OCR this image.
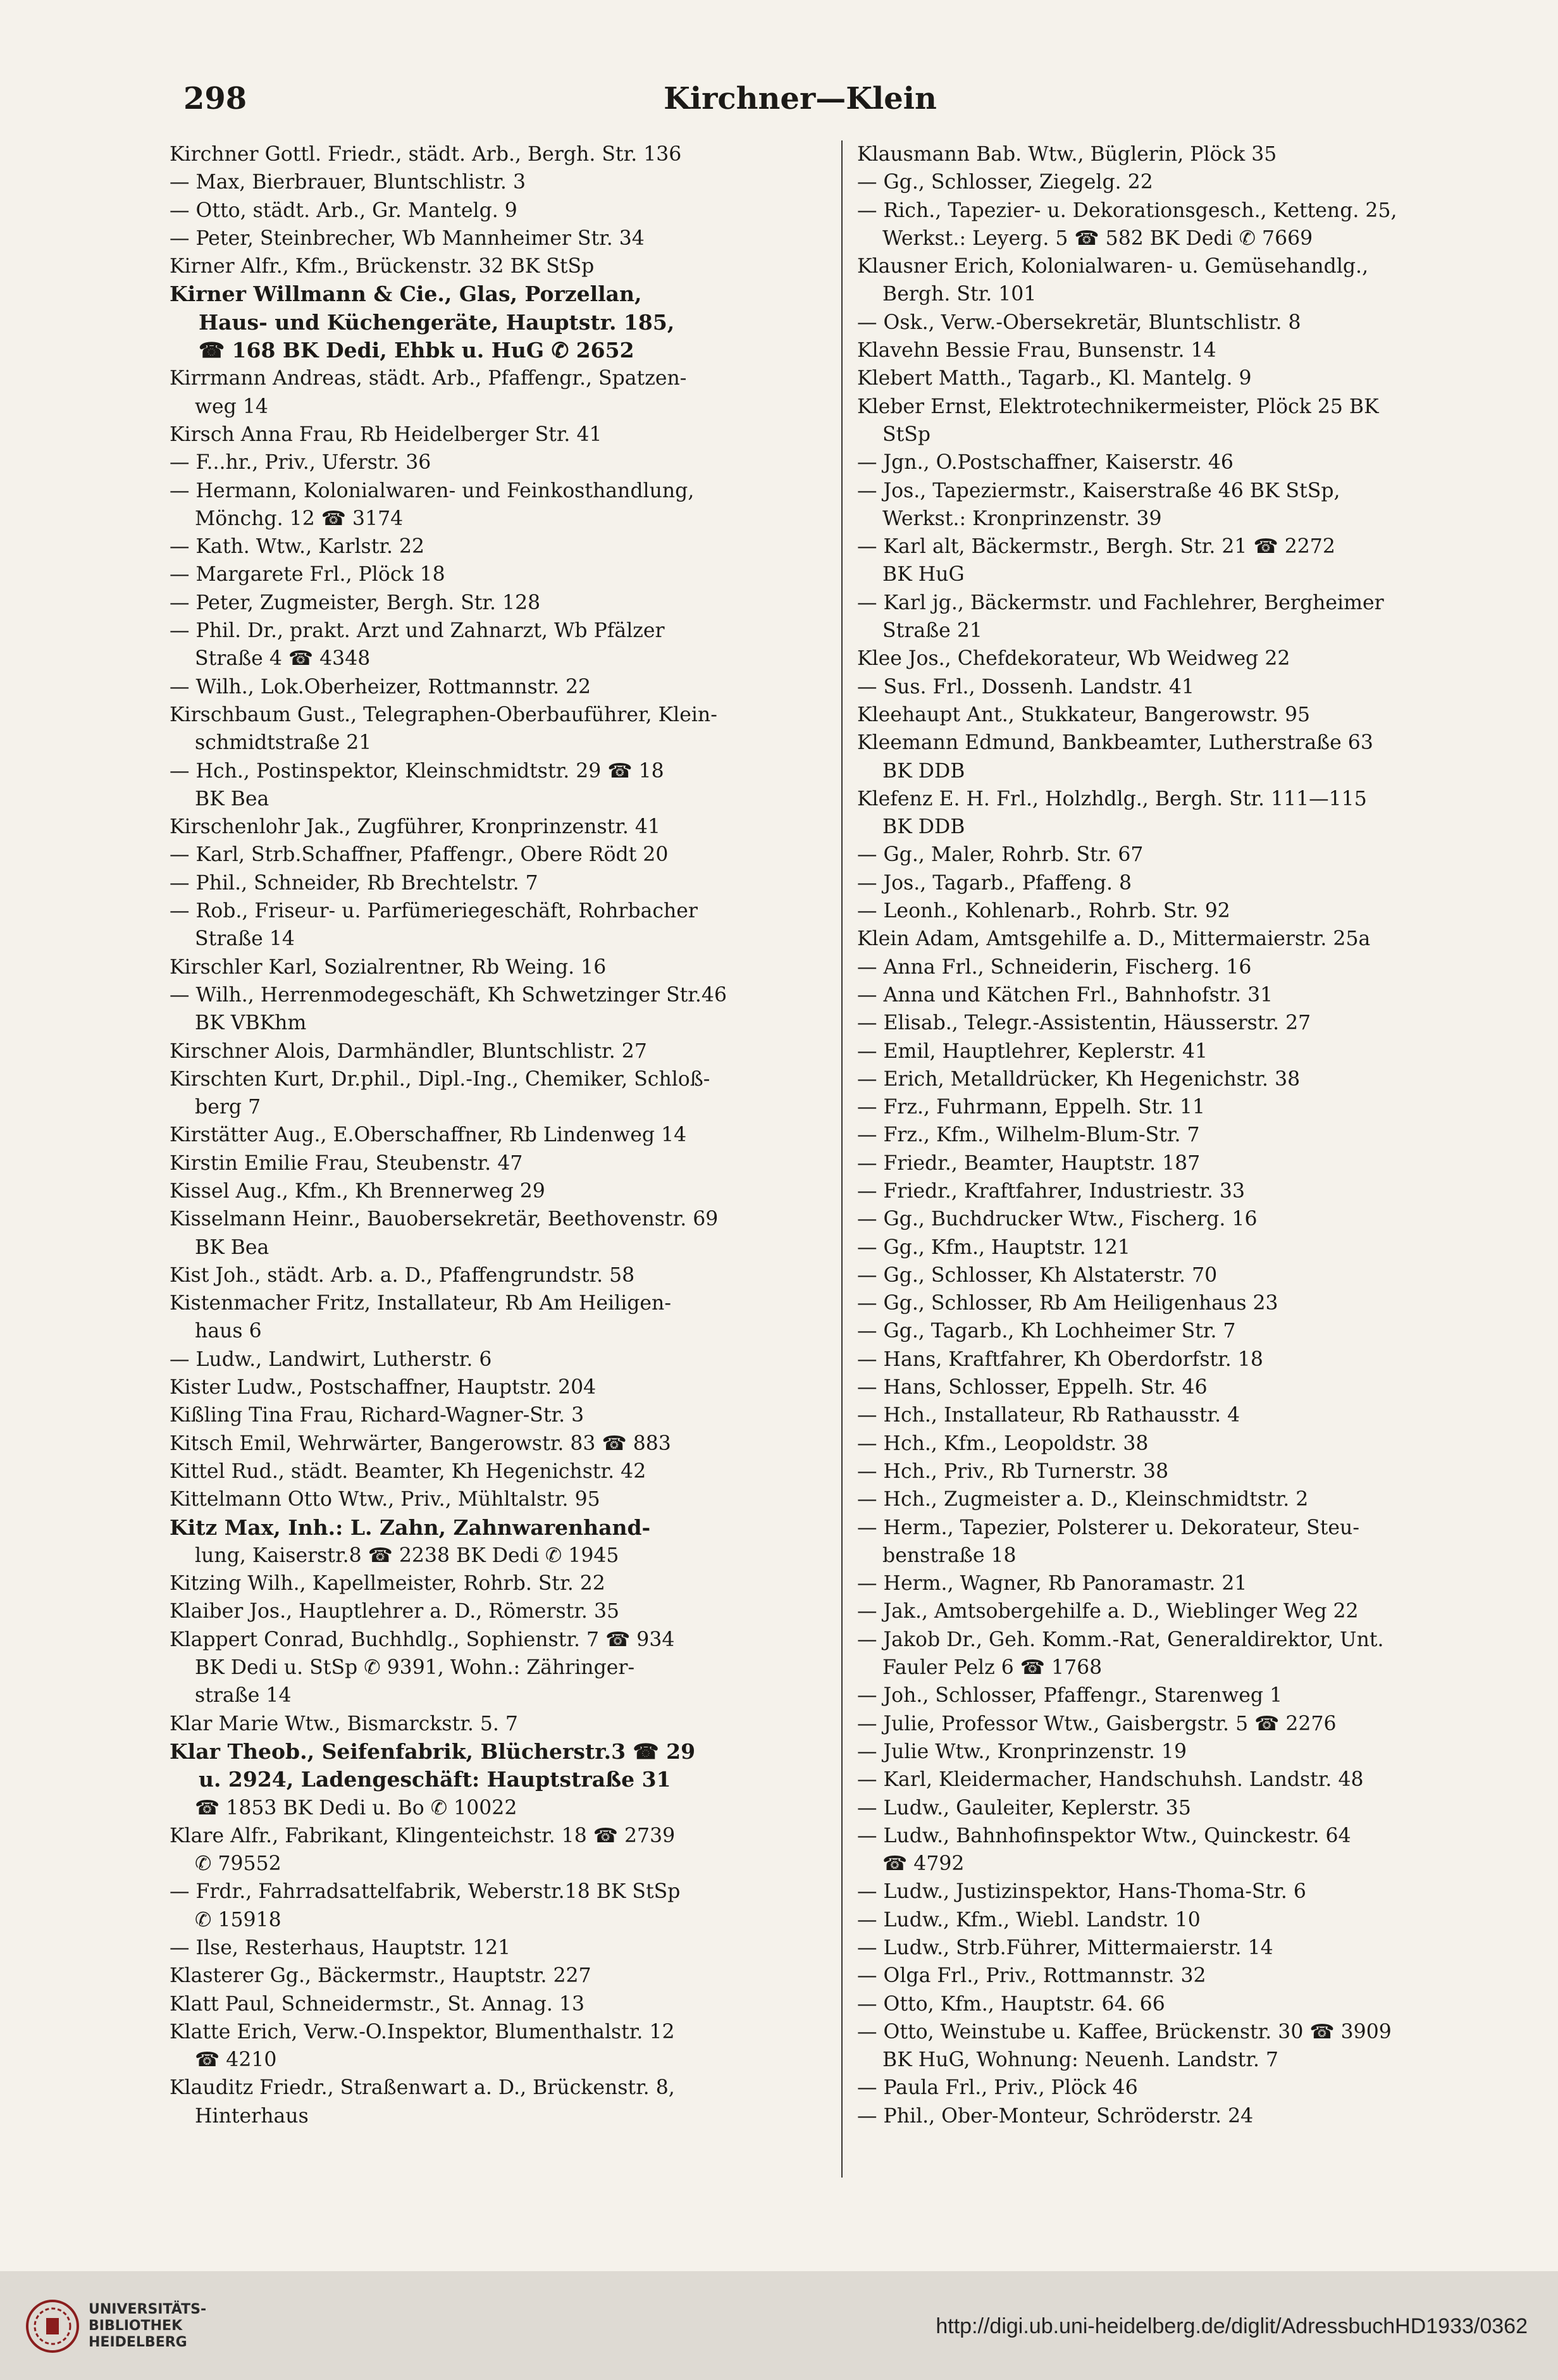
298	Kirchner—Klein
Kirchner Gottl. Friedr., städt. Arb., Bergh. Str. 136
— Max, Bierbrauer, Bluntschlistr. 3
— Otto, städt. Arb., Gr. Mantelg. 9
— Peter, Steinbrecher, Wb Mannheimer Str. 34
Kirner Alfr., Kfm., Brückenstr. 32 BK StSp
Kirner Willmann & Cie., Glas, Porzellan,
Haus- und Küchengeräte, Hauptstr. 185,
☎ 168 BK Dedi, Ehbk u. HuG ✆ 2652
Kirrmann Andreas, städt. Arb., Pfaffengr., Spatzen-
weg 14
Kirsch Anna Frau, Rb Heidelberger Str. 41
— F...hr., Priv., Uferstr. 36
— Hermann, Kolonialwaren- und Feinkosthandlung,
Mönchg. 12 ☎ 3174
— Kath. Wtw., Karlstr. 22
— Margarete Frl., Plöck 18
— Peter, Zugmeister, Bergh. Str. 128
— Phil. Dr., prakt. Arzt und Zahnarzt, Wb Pfälzer
Straße 4 ☎ 4348
— Wilh., Lok.Oberheizer, Rottmannstr. 22
Kirschbaum Gust., Telegraphen-Oberbauführer, Klein-
schmidtstraße 21
— Hch., Postinspektor, Kleinschmidtstr. 29 ☎ 18
BK Bea
Kirschenlohr Jak., Zugführer, Kronprinzenstr. 41
— Karl, Strb.Schaffner, Pfaffengr., Obere Rödt 20
— Phil., Schneider, Rb Brechtelstr. 7
— Rob., Friseur- u. Parfümeriegeschäft, Rohrbacher
Straße 14
Kirschler Karl, Sozialrentner, Rb Weing. 16
— Wilh., Herrenmodegeschäft, Kh Schwetzinger Str.46
BK VBKhm
Kirschner Alois, Darmhändler, Bluntschlistr. 27
Kirschten Kurt, Dr.phil., Dipl.-Ing., Chemiker, Schloß-
berg 7
Kirstätter Aug., E.Oberschaffner, Rb Lindenweg 14
Kirstin Emilie Frau, Steubenstr. 47
Kissel Aug., Kfm., Kh Brennerweg 29
Kisselmann Heinr., Bauobersekretär, Beethovenstr. 69
BK Bea
Kist Joh., städt. Arb. a. D., Pfaffengrundstr. 58
Kistenmacher Fritz, Installateur, Rb Am Heiligen-
haus 6
— Ludw., Landwirt, Lutherstr. 6
Kister Ludw., Postschaffner, Hauptstr. 204
Kißling Tina Frau, Richard-Wagner-Str. 3
Kitsch Emil, Wehrwärter, Bangerowstr. 83 ☎ 883
Kittel Rud., städt. Beamter, Kh Hegenichstr. 42
Kittelmann Otto Wtw., Priv., Mühltalstr. 95
Kitz Max, Inh.: L. Zahn, Zahnwarenhand-
lung, Kaiserstr.8 ☎ 2238 BK Dedi ✆ 1945
Kitzing Wilh., Kapellmeister, Rohrb. Str. 22
Klaiber Jos., Hauptlehrer a. D., Römerstr. 35
Klappert Conrad, Buchhdlg., Sophienstr. 7 ☎ 934
BK Dedi u. StSp ✆ 9391, Wohn.: Zähringer-
straße 14
Klar Marie Wtw., Bismarckstr. 5. 7
Klar Theob., Seifenfabrik, Blücherstr.3 ☎ 29
u. 2924, Ladengeschäft: Hauptstraße 31
☎ 1853 BK Dedi u. Bo ✆ 10022
Klare Alfr., Fabrikant, Klingenteichstr. 18 ☎ 2739
✆ 79552
— Frdr., Fahrradsattelfabrik, Weberstr.18 BK StSp
✆ 15918
— Ilse, Resterhaus, Hauptstr. 121
Klasterer Gg., Bäckermstr., Hauptstr. 227
Klatt Paul, Schneidermstr., St. Annag. 13
Klatte Erich, Verw.-O.Inspektor, Blumenthalstr. 12
☎ 4210
Klauditz Friedr., Straßenwart a. D., Brückenstr. 8,
Hinterhaus
Klausmann Bab. Wtw., Büglerin, Plöck 35
— Gg., Schlosser, Ziegelg. 22
— Rich., Tapezier- u. Dekorationsgesch., Ketteng. 25,
Werkst.: Leyerg. 5 ☎ 582 BK Dedi ✆ 7669
Klausner Erich, Kolonialwaren- u. Gemüsehandlg.,
Bergh. Str. 101
— Osk., Verw.-Obersekretär, Bluntschlistr. 8
Klavehn Bessie Frau, Bunsenstr. 14
Klebert Matth., Tagarb., Kl. Mantelg. 9
Kleber Ernst, Elektrotechnikermeister, Plöck 25 BK
StSp
— Jgn., O.Postschaffner, Kaiserstr. 46
— Jos., Tapeziermstr., Kaiserstraße 46 BK StSp,
Werkst.: Kronprinzenstr. 39
— Karl alt, Bäckermstr., Bergh. Str. 21 ☎ 2272
BK HuG
— Karl jg., Bäckermstr. und Fachlehrer, Bergheimer
Straße 21
Klee Jos., Chefdekorateur, Wb Weidweg 22
— Sus. Frl., Dossenh. Landstr. 41
Kleehaupt Ant., Stukkateur, Bangerowstr. 95
Kleemann Edmund, Bankbeamter, Lutherstraße 63
BK DDB
Klefenz E. H. Frl., Holzhdlg., Bergh. Str. 111—115
BK DDB
— Gg., Maler, Rohrb. Str. 67
— Jos., Tagarb., Pfaffeng. 8
— Leonh., Kohlenarb., Rohrb. Str. 92
Klein Adam, Amtsgehilfe a. D., Mittermaierstr. 25a
— Anna Frl., Schneiderin, Fischerg. 16
— Anna und Kätchen Frl., Bahnhofstr. 31
— Elisab., Telegr.-Assistentin, Häusserstr. 27
— Emil, Hauptlehrer, Keplerstr. 41
— Erich, Metalldrücker, Kh Hegenichstr. 38
— Frz., Fuhrmann, Eppelh. Str. 11
— Frz., Kfm., Wilhelm-Blum-Str. 7
— Friedr., Beamter, Hauptstr. 187
— Friedr., Kraftfahrer, Industriestr. 33
— Gg., Buchdrucker Wtw., Fischerg. 16
— Gg., Kfm., Hauptstr. 121
— Gg., Schlosser, Kh Alstaterstr. 70
— Gg., Schlosser, Rb Am Heiligenhaus 23
— Gg., Tagarb., Kh Lochheimer Str. 7
— Hans, Kraftfahrer, Kh Oberdorfstr. 18
— Hans, Schlosser, Eppelh. Str. 46
— Hch., Installateur, Rb Rathausstr. 4
— Hch., Kfm., Leopoldstr. 38
— Hch., Priv., Rb Turnerstr. 38
— Hch., Zugmeister a. D., Kleinschmidtstr. 2
— Herm., Tapezier, Polsterer u. Dekorateur, Steu-
benstraße 18
— Herm., Wagner, Rb Panoramastr. 21
— Jak., Amtsobergehilfe a. D., Wieblinger Weg 22
— Jakob Dr., Geh. Komm.-Rat, Generaldirektor, Unt.
Fauler Pelz 6 ☎ 1768
— Joh., Schlosser, Pfaffengr., Starenweg 1
— Julie, Professor Wtw., Gaisbergstr. 5 ☎ 2276
— Julie Wtw., Kronprinzenstr. 19
— Karl, Kleidermacher, Handschuhsh. Landstr. 48
— Ludw., Gauleiter, Keplerstr. 35
— Ludw., Bahnhofinspektor Wtw., Quinckestr. 64
☎ 4792
— Ludw., Justizinspektor, Hans-Thoma-Str. 6
— Ludw., Kfm., Wiebl. Landstr. 10
— Ludw., Strb.Führer, Mittermaierstr. 14
— Olga Frl., Priv., Rottmannstr. 32
— Otto, Kfm., Hauptstr. 64. 66
— Otto, Weinstube u. Kaffee, Brückenstr. 30 ☎ 3909
BK HuG, Wohnung: Neuenh. Landstr. 7
— Paula Frl., Priv., Plöck 46
— Phil., Ober-Monteur, Schröderstr. 24
UNIVERSITÄTS-
BIBLIOTHEK
HEIDELBERG
http://digi.ub.uni-heidelberg.de/diglit/AdressbuchHD1933/0362
